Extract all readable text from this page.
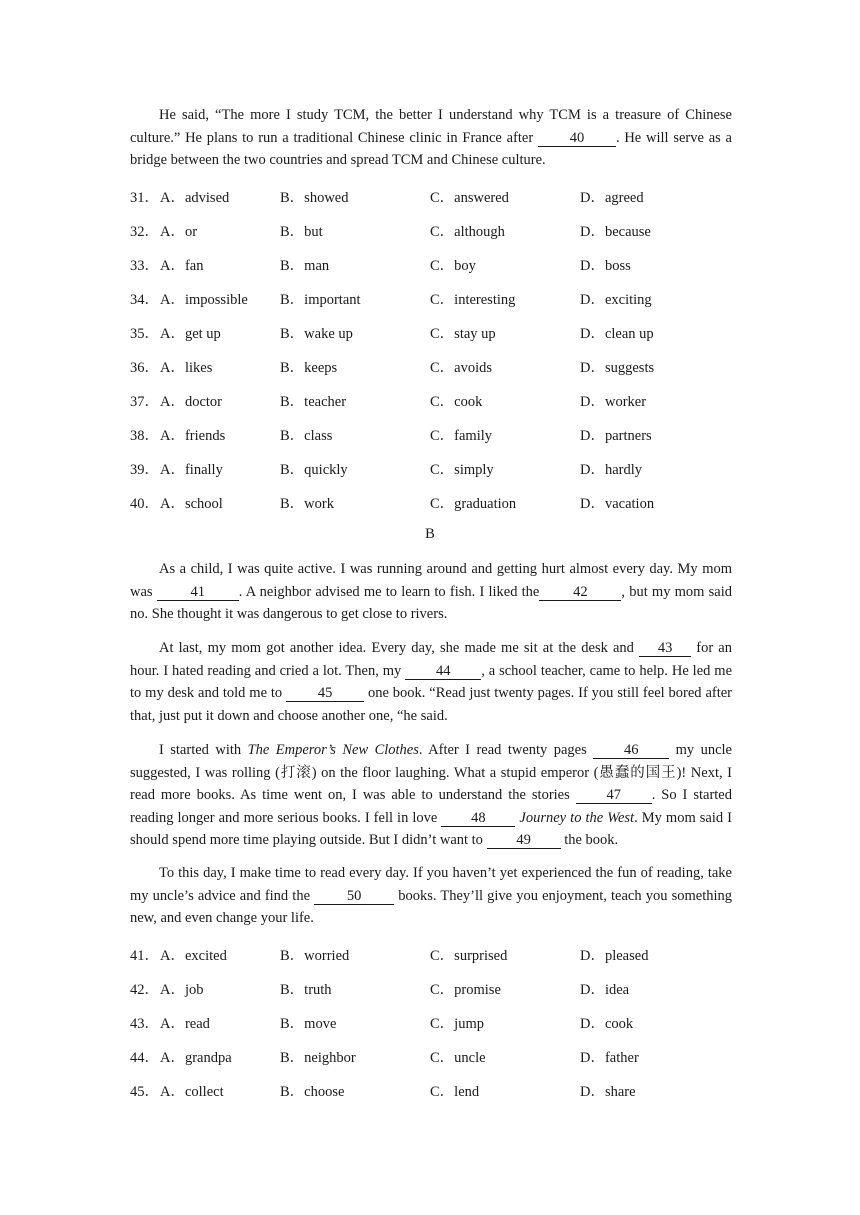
He said, “The more I study TCM, the better I understand why TCM is a treasure of Chinese culture.” He plans to run a traditional Chinese clinic in France after 40 . He will serve as a bridge between the two countries and spread TCM and Chinese culture.

31． A．advised	B．showed	C．answered	D．agreed
32． A．or	B．but	C．although	D．because
33． A．fan	B．man	C．boy	D．boss
34． A．impossible B．important	C．interesting	D．exciting
35． A．get up	B．wake up	C．stay up	D．clean up
36． A．likes	B．keeps	C．avoids	D．suggests
37． A．doctor	B．teacher	C．cook	D．worker
38． A．friends	B．class	C．family	D．partners
39． A．finally	B．quickly	C．simply	D．hardly
40． A．school	B．work	C．graduation	D．vacation
B

As a child, I was quite active. I was running around and getting hurt almost every day. My mom was 41 . A neighbor advised me to learn to fish. I liked the 42 , but my mom said no. She thought it was dangerous to get close to rivers.

At last, my mom got another idea. Every day, she made me sit at the desk and 43 for an hour. I hated reading and cried a lot. Then, my 44 , a school teacher, came to help. He led me to my desk and told me to 45 one book. “Read just twenty pages. If you still feel bored after that, just put it down and choose another one, “he said.

I started with The Emperor’s New Clothes. After I read twenty pages 46 my uncle suggested, I was rolling (打滚) on the floor laughing. What a stupid emperor (愚蠢的国王)! Next, I read more books. As time went on, I was able to understand the stories 47 . So I started reading longer and more serious books. I fell in love 48 Journey to the West. My mom said I should spend more time playing outside. But I didn’t want to 49 the book.

To this day, I make time to read every day. If you haven’t yet experienced the fun of reading, take my uncle’s advice and find the 50 books. They’ll give you enjoyment, teach you something new, and even change your life.

41． A．excited	B．worried	C．surprised	D．pleased
42． A．job	B．truth	C．promise	D．idea
43． A．read	B．move	C．jump	D．cook
44． A．grandpa	B．neighbor	C．uncle	D．father
45． A．collect	B．choose	C．lend	D．share
